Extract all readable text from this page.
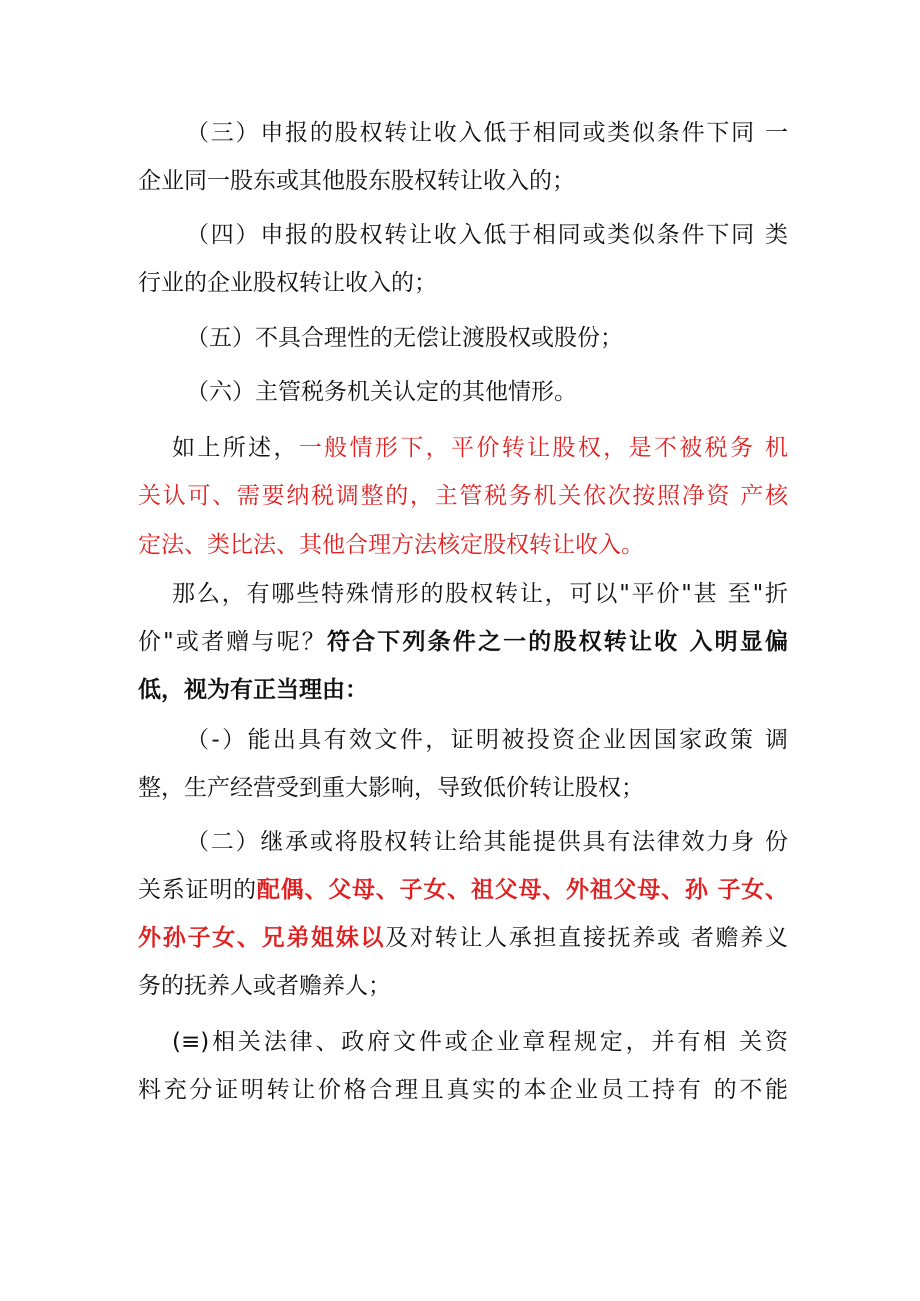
（三）申报的股权转让收入低于相同或类似条件下同 一
企业同一股东或其他股东股权转让收入的；
（四）申报的股权转让收入低于相同或类似条件下同 类
行业的企业股权转让收入的；
（五）不具合理性的无偿让渡股权或股份；
（六）主管税务机关认定的其他情形。
如上所述，一般情形下，平价转让股权，是不被税务 机
关认可、需要纳税调整的，主管税务机关依次按照净资 产核
定法、类比法、其他合理方法核定股权转让收入。
那么，有哪些特殊情形的股权转让，可以"平价"甚 至"折
价"或者赠与呢？符合下列条件之一的股权转让收 入明显偏
低，视为有正当理由：
（-）能出具有效文件，证明被投资企业因国家政策 调
整，生产经营受到重大影响，导致低价转让股权；
（二）继承或将股权转让给其能提供具有法律效力身 份
关系证明的配偶、父母、子女、祖父母、外祖父母、孙 子女、
外孙子女、兄弟姐妹以及对转让人承担直接抚养或 者赡养义
务的抚养人或者赡养人；
(≡)相关法律、政府文件或企业章程规定，并有相 关资
料充分证明转让价格合理且真实的本企业员工持有 的不能
